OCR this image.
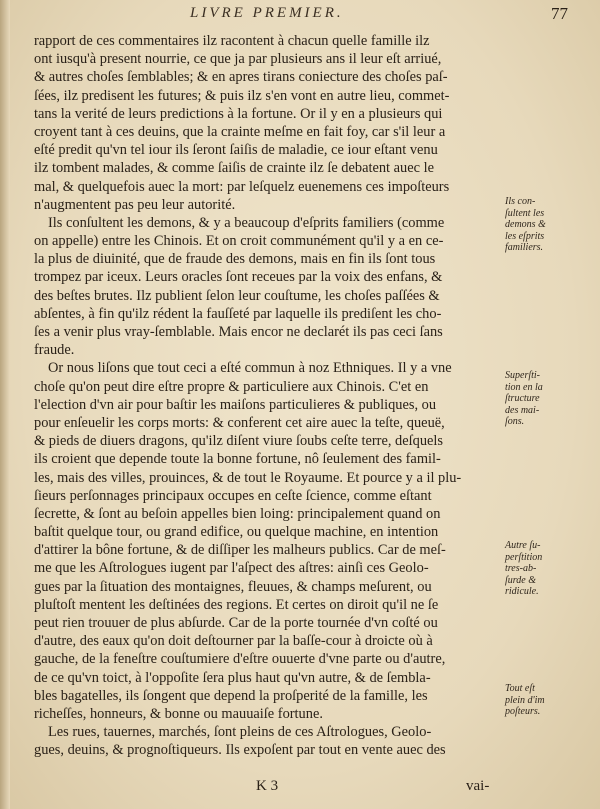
LIVRE PREMIER.	77
rapport de ces commentaires ilz racontent à chacun quelle famille ilz
ont iusqu'à present nourrie, ce que ja par plusieurs ans il leur eſt arriué,
& autres choſes ſemblables; & en apres tirans coniecture des choſes paſ-
ſées, ilz predisent les futures; & puis ilz s'en vont en autre lieu, commet-
tans la verité de leurs predictions à la fortune. Or il y en a plusieurs qui
croyent tant à ces deuins, que la crainte meſme en fait foy, car s'il leur a
eſté predit qu'vn tel iour ils ſeront ſaiſis de maladie, ce iour eſtant venu
ilz tombent malades, & comme ſaiſis de crainte ilz ſe debatent auec le
mal, & quelquefois auec la mort: par leſquelz euenemens ces impoſteurs
n'augmentent pas peu leur autorité.
Ils conſultent les demons, & y a beaucoup d'eſprits familiers (comme
on appelle) entre les Chinois. Et on croit communément qu'il y a en ce-
la plus de diuinité, que de fraude des demons, mais en fin ils ſont tous
trompez par iceux. Leurs oracles ſont receues par la voix des enfans, &
des beſtes brutes. Ilz publient ſelon leur couſtume, les choſes paſſées &
abſentes, à fin qu'ilz rédent la fauſſeté par laquelle ils prediſent les cho-
ſes a venir plus vray-ſemblable. Mais encor ne declarét ils pas ceci ſans
fraude.
Or nous liſons que tout ceci a eſté commun à noz Ethniques. Il y a vne
choſe qu'on peut dire eſtre propre & particuliere aux Chinois. C'et en
l'election d'vn air pour baſtir les maiſons particulieres & publiques, ou
pour enſeuelir les corps morts: & conferent cet aire auec la teſte, queuë,
& pieds de diuers dragons, qu'ilz diſent viure ſoubs ceſte terre, deſquels
ils croient que depende toute la bonne fortune, nô ſeulement des famil-
les, mais des villes, prouinces, & de tout le Royaume. Et pource y a il plu-
ſieurs perſonnages principaux occupes en ceſte ſcience, comme eſtant
ſecrette, & ſont au beſoin appelles bien loing: principalement quand on
baſtit quelque tour, ou grand edifice, ou quelque machine, en intention
d'attirer la bône fortune, & de diſſiper les malheurs publics. Car de meſ-
me que les Aſtrologues iugent par l'aſpect des aſtres: ainſi ces Geolo-
gues par la ſituation des montaignes, fleuues, & champs meſurent, ou
pluſtoſt mentent les deſtinées des regions. Et certes on diroit qu'il ne ſe
peut rien trouuer de plus abſurde. Car de la porte tournée d'vn coſté ou
d'autre, des eaux qu'on doit deſtourner par la baſſe-cour à droicte où à
gauche, de la feneſtre couſtumiere d'eſtre ouuerte d'vne parte ou d'autre,
de ce qu'vn toict, à l'oppoſite ſera plus haut qu'vn autre, & de ſembla-
bles bagatelles, ils ſongent que depend la proſperité de la famille, les
richeſſes, honneurs, & bonne ou mauuaiſe fortune.
Les rues, tauernes, marchés, ſont pleins de ces Aſtrologues, Geolo-
gues, deuins, & prognoſtiqueurs. Ils expoſent par tout en vente auec des
Ils con-
ſultent les
demons &
les eſprits
familiers.
Superſti-
tion en la
ſtructure
des mai-
ſons.
Autre ſu-
perſtition
tres-ab-
ſurde &
ridicule.
Tout eſt
plein d'im
poſteurs.
K 3	vai-
